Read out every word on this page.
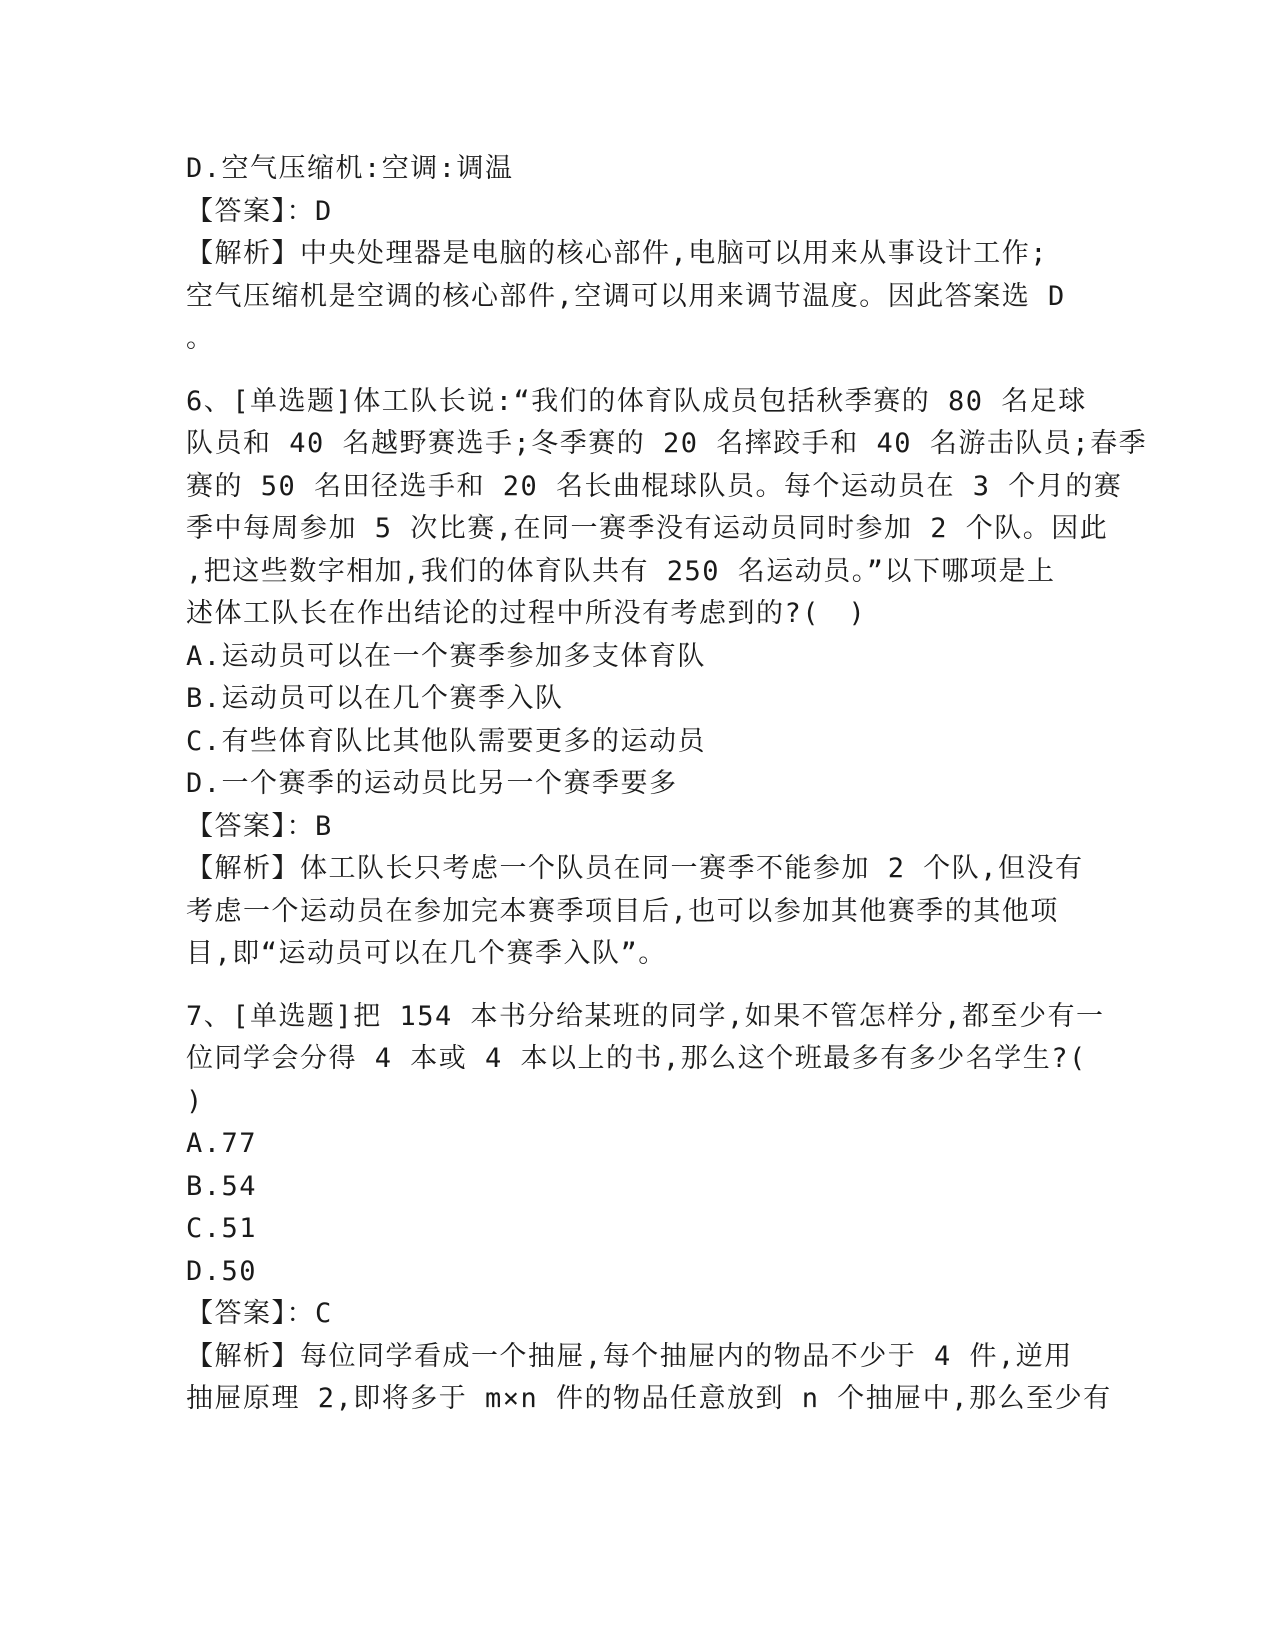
D.空气压缩机:空调:调温
【答案】：D
【解析】中央处理器是电脑的核心部件,电脑可以用来从事设计工作;
空气压缩机是空调的核心部件,空调可以用来调节温度。因此答案选 D
。
6、[单选题]体工队长说:“我们的体育队成员包括秋季赛的 80 名足球
队员和 40 名越野赛选手;冬季赛的 20 名摔跤手和 40 名游击队员;春季
赛的 50 名田径选手和 20 名长曲棍球队员。每个运动员在 3 个月的赛
季中每周参加 5 次比赛,在同一赛季没有运动员同时参加 2 个队。因此
,把这些数字相加,我们的体育队共有 250 名运动员。”以下哪项是上
述体工队长在作出结论的过程中所没有考虑到的?(　)
A.运动员可以在一个赛季参加多支体育队
B.运动员可以在几个赛季入队
C.有些体育队比其他队需要更多的运动员
D.一个赛季的运动员比另一个赛季要多
【答案】：B
【解析】体工队长只考虑一个队员在同一赛季不能参加 2 个队,但没有
考虑一个运动员在参加完本赛季项目后,也可以参加其他赛季的其他项
目,即“运动员可以在几个赛季入队”。
7、[单选题]把 154 本书分给某班的同学,如果不管怎样分,都至少有一
位同学会分得 4 本或 4 本以上的书,那么这个班最多有多少名学生?(
)
A.77
B.54
C.51
D.50
【答案】：C
【解析】每位同学看成一个抽屉,每个抽屉内的物品不少于 4 件,逆用
抽屉原理 2,即将多于 m×n 件的物品任意放到 n 个抽屉中,那么至少有
